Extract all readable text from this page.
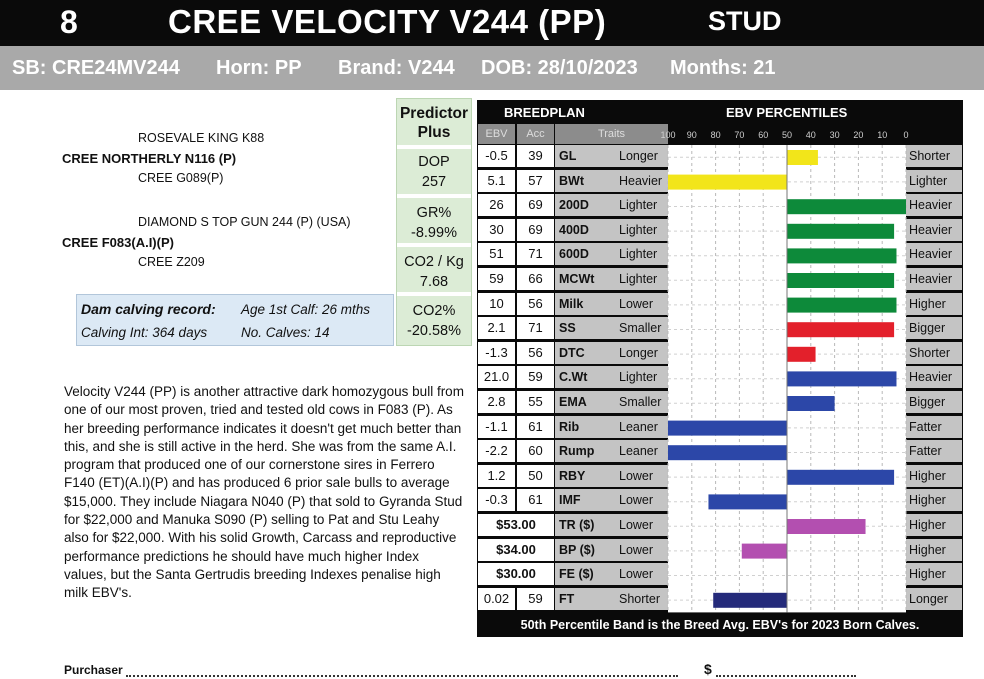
8	CREE VELOCITY V244 (PP)	STUD
SB: CRE24MV244 Horn: PP Brand: V244 DOB: 28/10/2023 Months: 21
ROSEVALE KING K88
CREE NORTHERLY N116 (P)
CREE G089(P)
DIAMOND S TOP GUN 244 (P) (USA)
CREE F083(A.I)(P)
CREE Z209
Predictor
Plus
DOP
257
GR%
-8.99%
CO2 / Kg
7.68
CO2%
-20.58%
Dam calving record: Age 1st Calf: 26 mths
Calving Int: 364 days	No. Calves: 14
Velocity V244 (PP) is another attractive dark homozygous bull from one of our most proven, tried and tested old cows in F083 (P). As her breeding performance indicates it doesn't get much better than this, and she is still active in the herd. She was from the same A.I. program that produced one of our cornerstone sires in Ferrero F140 (ET)(A.I)(P) and has produced 6 prior sale bulls to average $15,000. They include Niagara N040 (P) that sold to Gyranda Stud for $22,000 and Manuka S090 (P) selling to Pat and Stu Leahy also for $22,000. With his solid Growth, Carcass and reproductive performance predictions he should have much higher Index values, but the Santa Gertrudis breeding Indexes penalise high milk EBV's.
BREEDPLAN	EBV PERCENTILES
EBV	Acc	Traits	100 90 80 70 60 50 40 30 20 10 0
-0.5	39	GL	Longer	Shorter
5.1	57	BWt	Heavier	Lighter
26	69	200D	Lighter	Heavier
30	69	400D	Lighter	Heavier
51	71	600D	Lighter	Heavier
59	66	MCWt	Lighter	Heavier
10	56	Milk	Lower	Higher
2.1	71	SS	Smaller	Bigger
-1.3	56	DTC	Longer	Shorter
21.0	59	C.Wt	Lighter	Heavier
2.8	55	EMA	Smaller	Bigger
-1.1	61	Rib	Leaner	Fatter
-2.2	60	Rump	Leaner	Fatter
1.2	50	RBY	Lower	Higher
-0.3	61	IMF	Lower	Higher
$53.00	TR ($)	Lower	Higher
$34.00	BP ($)	Lower	Higher
$30.00	FE ($)	Lower	Higher
0.02	59	FT	Shorter	Longer
50th Percentile Band is the Breed Avg. EBV's for 2023 Born Calves.
Purchaser	$
